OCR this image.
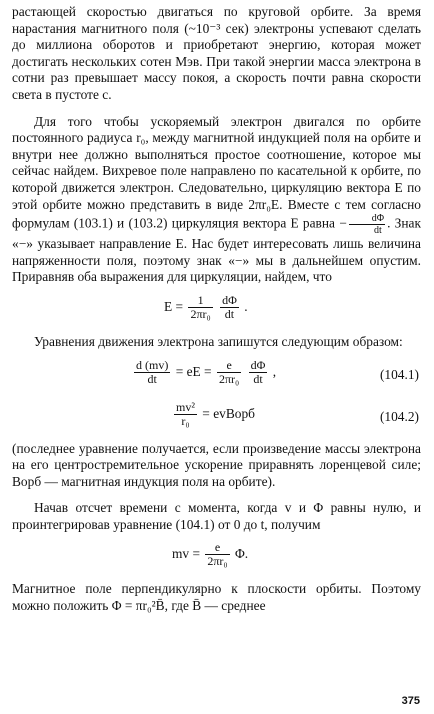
растающей скоростью двигаться по круговой орбите. За время нарастания магнитного поля (~10⁻³ сек) электроны успевают сделать до миллиона оборотов и приобретают энергию, которая может достигать нескольких сотен Мэв. При такой энергии масса электрона в сотни раз превышает массу покоя, а скорость почти равна скорости света в пустоте c.

Для того чтобы ускоряемый электрон двигался по орбите постоянного радиуса r₀, между магнитной индукцией поля на орбите и внутри нее должно выполняться простое соотношение, которое мы сейчас найдем. Вихревое поле направлено по касательной к орбите, по которой движется электрон. Следовательно, циркуляцию вектора E по этой орбите можно представить в виде 2πr₀E. Вместе с тем согласно формулам (103.1) и (103.2) циркуляция вектора E равна − $\frac{d\Phi}{dt}$ . Знак «−» указывает направление E. Нас будет интересовать лишь величина напряженности поля, поэтому знак «−» мы в дальнейшем опустим. Приравняв оба выражения для циркуляции, найдем, что

$E = \frac{1}{\text{2πr₀}}$
$\frac{d\Phi}{dt}$ .

Уравнения движения электрона запишутся следующим образом:

$\frac{d (mv)}{dt}$ = eE = $\frac{e}{\text{2πr₀}}$
$\frac{d\Phi}{dt}$ ,	(104.1)
$\frac{\text{mv²}}{\text{r₀}}$ = evBорб	(104.2)

(последнее уравнение получается, если произведение массы электрона на его центростремительное ускорение приравнять лоренцевой силе; Bорб — магнитная индукция поля на орбите).

Начав отсчет времени с момента, когда v и Φ равны нулю, и проинтегрировав уравнение (104.1) от 0 до t, получим

mv = $\frac{e}{\text{2πr₀}} \Phi$.

Магнитное поле перпендикулярно к плоскости орбиты. Поэтому можно положить Φ = πr₀²B̄, где B̄ — среднее

375
